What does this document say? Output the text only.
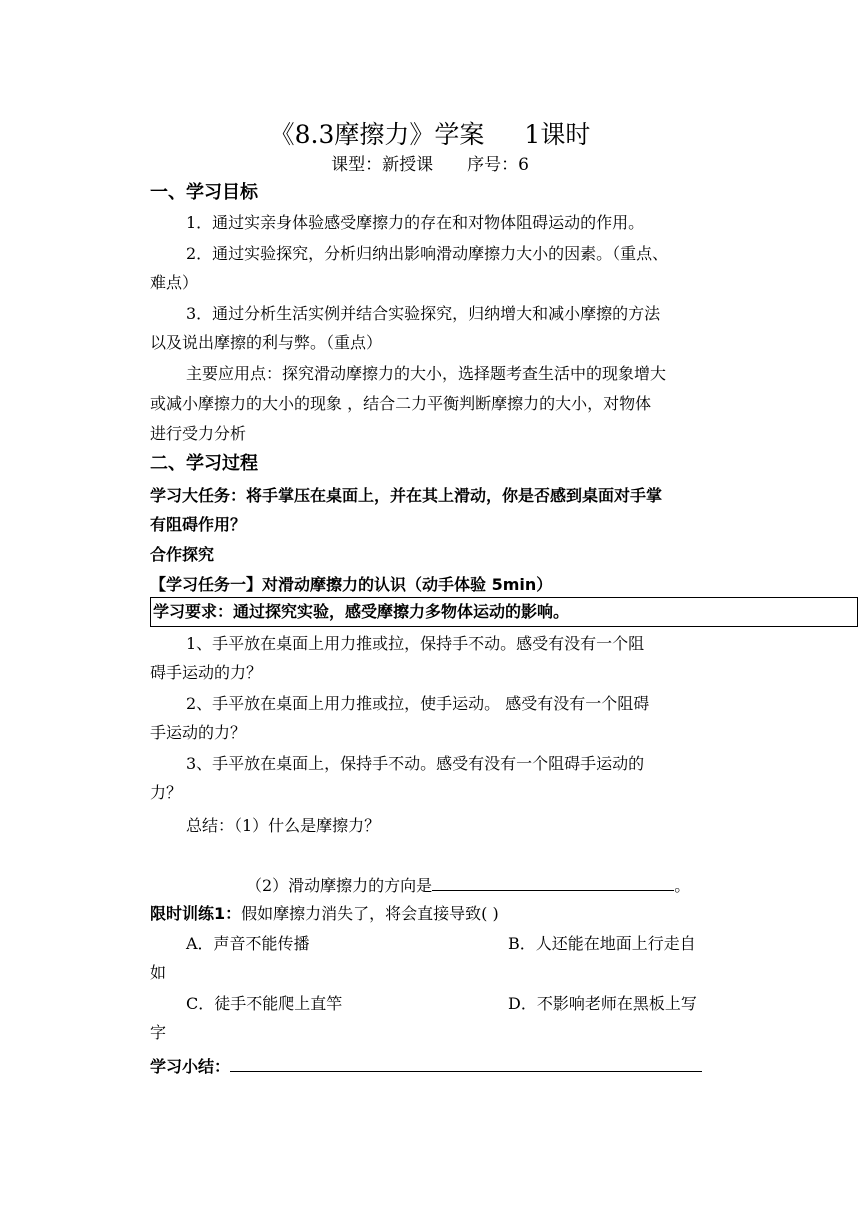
《8.3摩擦力》学案 1课时
课型：新授课 序号：6
一、学习目标
1．通过实亲身体验感受摩擦力的存在和对物体阻碍运动的作用。
2．通过实验探究，分析归纳出影响滑动摩擦力大小的因素。（重点、
难点）
3．通过分析生活实例并结合实验探究，归纳增大和减小摩擦的方法
以及说出摩擦的利与弊。（重点）
主要应用点：探究滑动摩擦力的大小，选择题考查生活中的现象增大
或减小摩擦力的大小的现象 ，结合二力平衡判断摩擦力的大小，对物体
进行受力分析
二、学习过程
学习大任务：将手掌压在桌面上，并在其上滑动，你是否感到桌面对手掌
有阻碍作用？
合作探究
【学习任务一】对滑动摩擦力的认识（动手体验 5min）
学习要求：通过探究实验，感受摩擦力多物体运动的影响。
1、手平放在桌面上用力推或拉，保持手不动。感受有没有一个阻
碍手运动的力？
2、手平放在桌面上用力推或拉，使手运动。 感受有没有一个阻碍
手运动的力？
3、手平放在桌面上，保持手不动。感受有没有一个阻碍手运动的
力？
总结：（1）什么是摩擦力？
（2）滑动摩擦力的方向是	。
限时训练1：假如摩擦力消失了，将会直接导致( )
A．声音不能传播	B．人还能在地面上行走自
如
C．徒手不能爬上直竿	D．不影响老师在黑板上写
字
学习小结：
